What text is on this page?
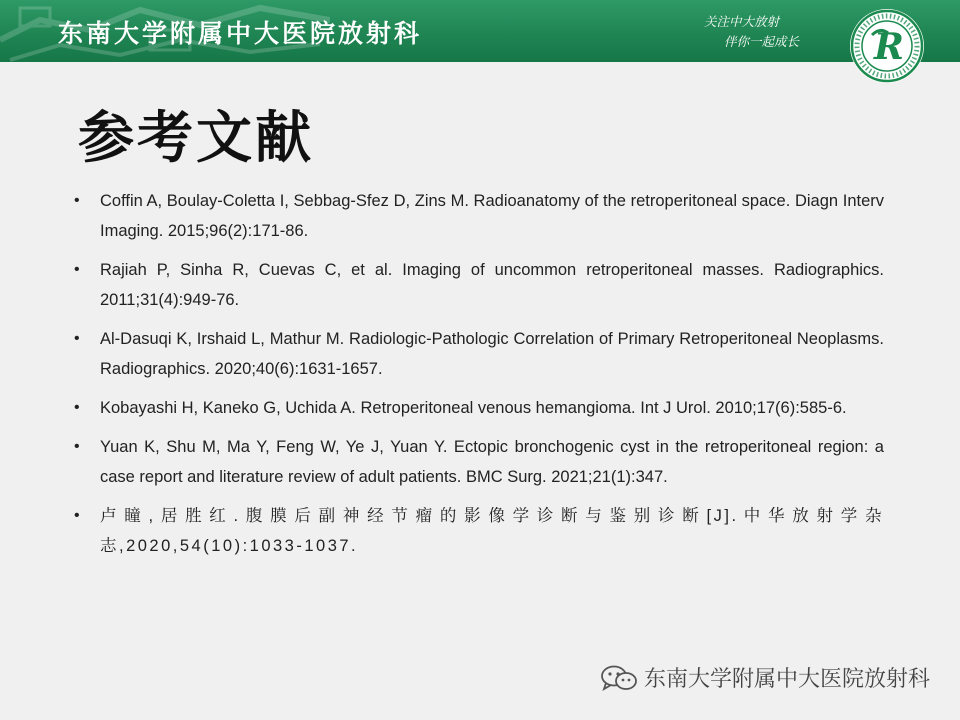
东南大学附属中大医院放射科	关注中大放射
伴你一起成长	R
参考文献
• Coffin A, Boulay-Coletta I, Sebbag-Sfez D, Zins M. Radioanatomy of the retroperitoneal space. Diagn Interv Imaging. 2015;96(2):171-86.
• Rajiah P, Sinha R, Cuevas C, et al. Imaging of uncommon retroperitoneal masses. Radiographics. 2011;31(4):949-76.
• Al-Dasuqi K, Irshaid L, Mathur M. Radiologic-Pathologic Correlation of Primary Retroperitoneal Neoplasms. Radiographics. 2020;40(6):1631-1657.
• Kobayashi H, Kaneko G, Uchida A. Retroperitoneal venous hemangioma. Int J Urol. 2010;17(6):585-6.
• Yuan K, Shu M, Ma Y, Feng W, Ye J, Yuan Y. Ectopic bronchogenic cyst in the retroperitoneal region: a case report and literature review of adult patients. BMC Surg. 2021;21(1):347.
• 卢瞳,居胜红.腹膜后副神经节瘤的影像学诊断与鉴别诊断[J].中华放射学杂志,2020,54(10):1033-1037.
东南大学附属中大医院放射科
